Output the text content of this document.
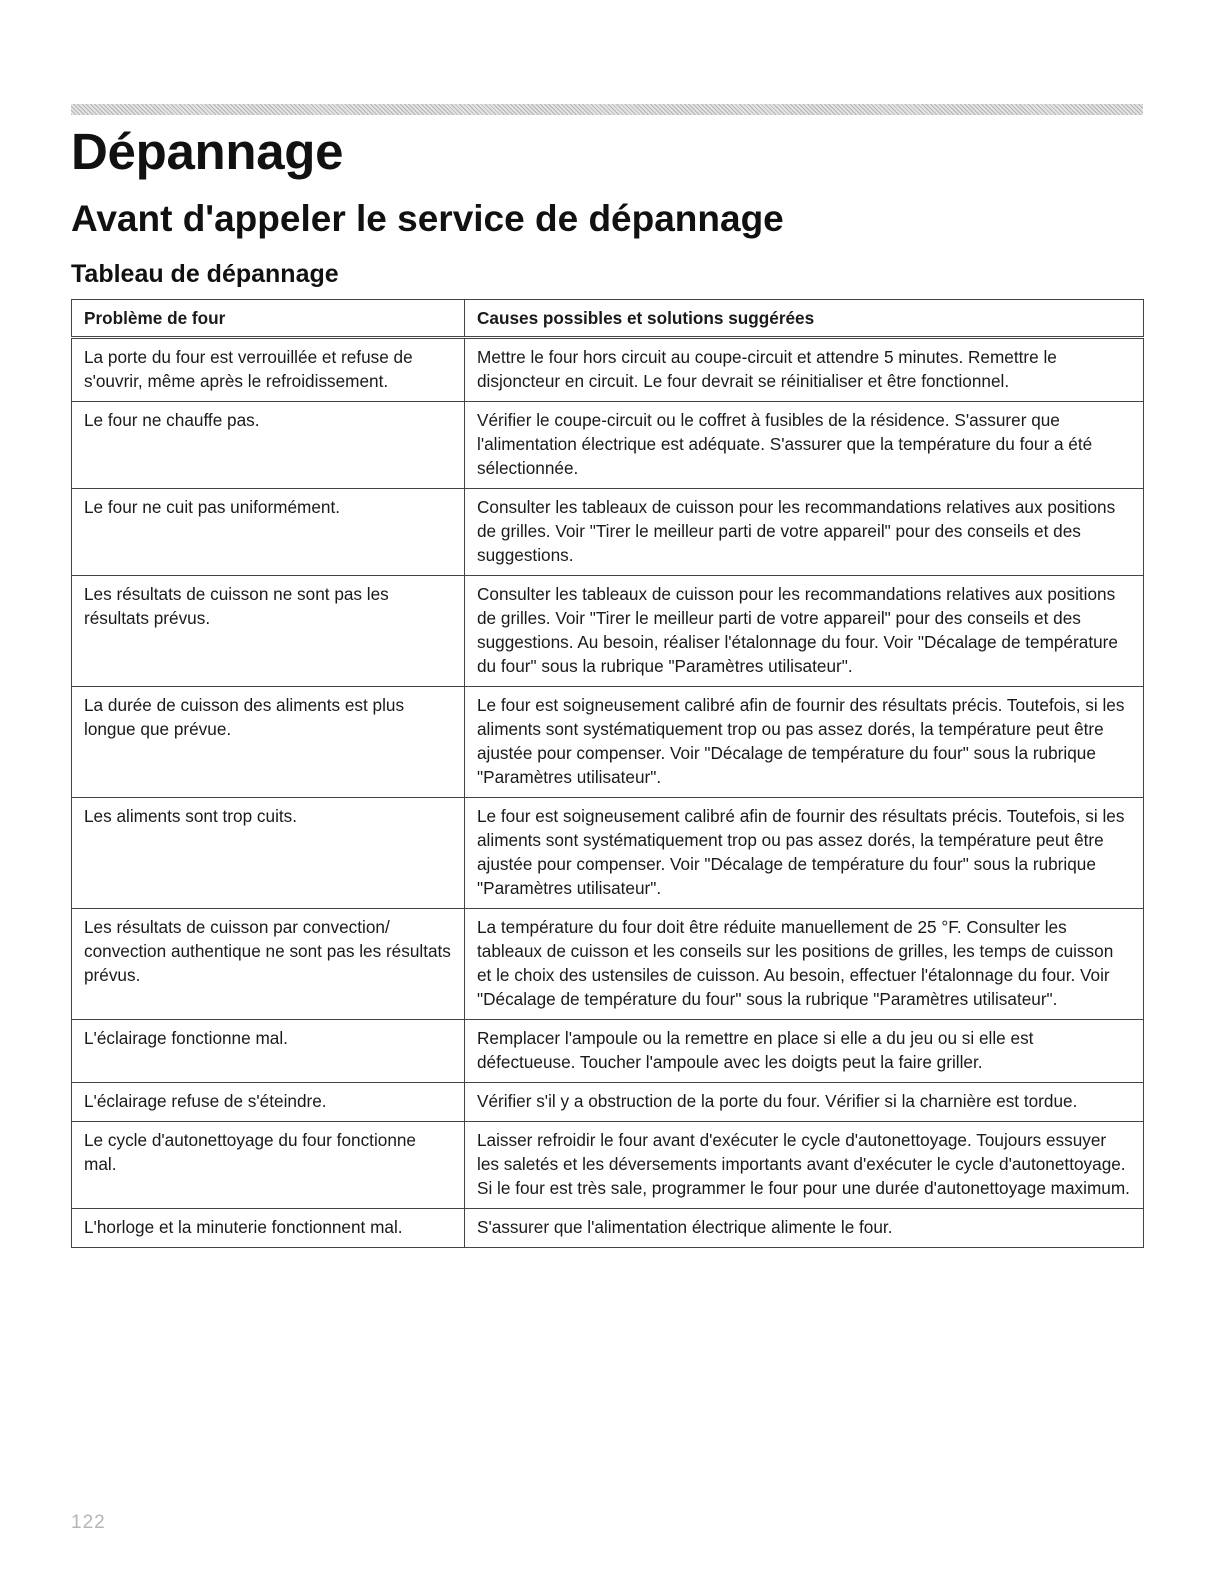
Dépannage
Avant d'appeler le service de dépannage
Tableau de dépannage
Problème de four	Causes possibles et solutions suggérées
La porte du four est verrouillée et refuse de s'ouvrir, même après le refroidissement.	Mettre le four hors circuit au coupe-circuit et attendre 5 minutes. Remettre le disjoncteur en circuit. Le four devrait se réinitialiser et être fonctionnel.
Le four ne chauffe pas.	Vérifier le coupe-circuit ou le coffret à fusibles de la résidence. S'assurer que l'alimentation électrique est adéquate. S'assurer que la température du four a été sélectionnée.
Le four ne cuit pas uniformément.	Consulter les tableaux de cuisson pour les recommandations relatives aux positions de grilles. Voir "Tirer le meilleur parti de votre appareil" pour des conseils et des suggestions.
Les résultats de cuisson ne sont pas les résultats prévus.	Consulter les tableaux de cuisson pour les recommandations relatives aux positions de grilles. Voir "Tirer le meilleur parti de votre appareil" pour des conseils et des suggestions. Au besoin, réaliser l'étalonnage du four. Voir "Décalage de température du four" sous la rubrique "Paramètres utilisateur".
La durée de cuisson des aliments est plus longue que prévue.	Le four est soigneusement calibré afin de fournir des résultats précis. Toutefois, si les aliments sont systématiquement trop ou pas assez dorés, la température peut être ajustée pour compenser. Voir "Décalage de température du four" sous la rubrique "Paramètres utilisateur".
Les aliments sont trop cuits.	Le four est soigneusement calibré afin de fournir des résultats précis. Toutefois, si les aliments sont systématiquement trop ou pas assez dorés, la température peut être ajustée pour compenser. Voir "Décalage de température du four" sous la rubrique "Paramètres utilisateur".
Les résultats de cuisson par convection/ convection authentique ne sont pas les résultats prévus.	La température du four doit être réduite manuellement de 25 °F. Consulter les tableaux de cuisson et les conseils sur les positions de grilles, les temps de cuisson et le choix des ustensiles de cuisson. Au besoin, effectuer l'étalonnage du four. Voir "Décalage de température du four" sous la rubrique "Paramètres utilisateur".
L'éclairage fonctionne mal.	Remplacer l'ampoule ou la remettre en place si elle a du jeu ou si elle est défectueuse. Toucher l'ampoule avec les doigts peut la faire griller.
L'éclairage refuse de s'éteindre.	Vérifier s'il y a obstruction de la porte du four. Vérifier si la charnière est tordue.
Le cycle d'autonettoyage du four fonctionne mal.	Laisser refroidir le four avant d'exécuter le cycle d'autonettoyage. Toujours essuyer les saletés et les déversements importants avant d'exécuter le cycle d'autonettoyage. Si le four est très sale, programmer le four pour une durée d'autonettoyage maximum.
L'horloge et la minuterie fonctionnent mal.	S'assurer que l'alimentation électrique alimente le four.
122
